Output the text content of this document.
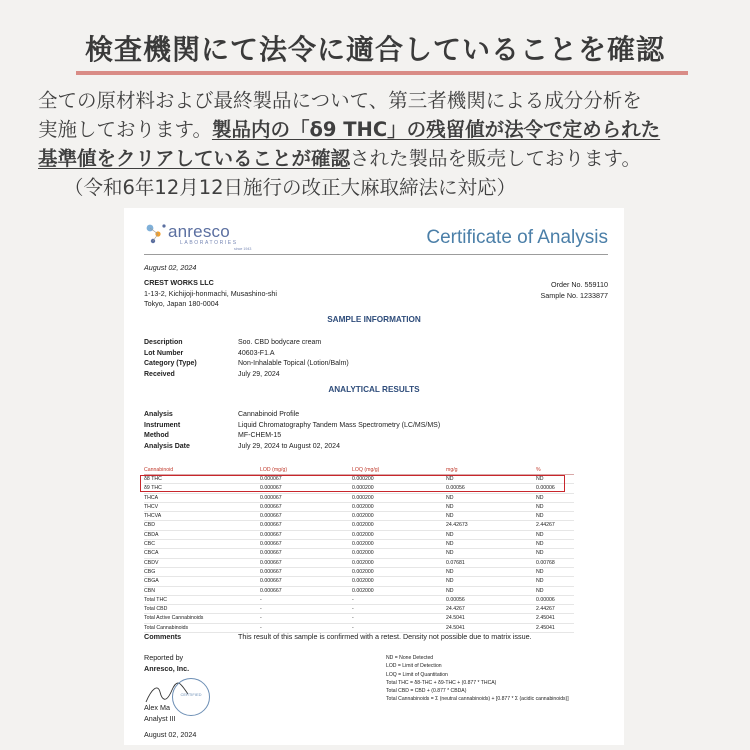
検査機関にて法令に適合していることを確認
全ての原材料および最終製品について、第三者機関による成分分析を
実施しております。製品内の「δ9 THC」の残留値が法令で定められた
基準値をクリアしていることが確認された製品を販売しております。
（令和6年12月12日施行の改正大麻取締法に対応）
anresco
LABORATORIES
since 1943
Certificate of Analysis
August 02, 2024
CREST WORKS LLC
1-13-2, Kichijoji-honmachi, Musashino-shi
Tokyo, Japan 180-0004
Order No. 559110
Sample No. 1233877
SAMPLE INFORMATION
Description	Soo. CBD bodycare cream
Lot Number	40603-F1.A
Category (Type)	Non-Inhalable Topical (Lotion/Balm)
Received	July 29, 2024
ANALYTICAL RESULTS
Analysis	Cannabinoid Profile
Instrument	Liquid Chromatography Tandem Mass Spectrometry (LC/MS/MS)
Method	MF-CHEM-15
Analysis Date	July 29, 2024 to August 02, 2024
Cannabinoid	LOD (mg/g)	LOQ (mg/g)	mg/g	%
δ8 THC	0.000067	0.000200	ND	ND
δ9 THC	0.000067	0.000200	0.00056	0.00006
THCA	0.000067	0.000200	ND	ND
THCV	0.000667	0.002000	ND	ND
THCVA	0.000667	0.002000	ND	ND
CBD	0.000667	0.002000	24.42673	2.44267
CBDA	0.000667	0.002000	ND	ND
CBC	0.000667	0.002000	ND	ND
CBCA	0.000667	0.002000	ND	ND
CBDV	0.000667	0.002000	0.07681	0.00768
CBG	0.000667	0.002000	ND	ND
CBGA	0.000667	0.002000	ND	ND
CBN	0.000667	0.002000	ND	ND
Total THC	-	-	0.00056	0.00006
Total CBD	-	-	24.4267	2.44267
Total Active Cannabinoids	-	-	24.5041	2.45041
Total Cannabinoids	-	-	24.5041	2.45041
Comments	This result of this sample is confirmed with a retest. Density not possible due to matrix issue.
Reported by
Anresco, Inc.
ND = None Detected
LOD = Limit of Detection
LOQ = Limit of Quantitation
Total THC = δ8-THC + δ9-THC + (0.877 * THCA)
Total CBD = CBD + (0.877 * CBDA)
Total Cannabinoids = Σ (neutral cannabinoids) + [0.877 * Σ (acidic cannabinoids)]
CERTIFIED
Alex Ma
Analyst III
August 02, 2024
